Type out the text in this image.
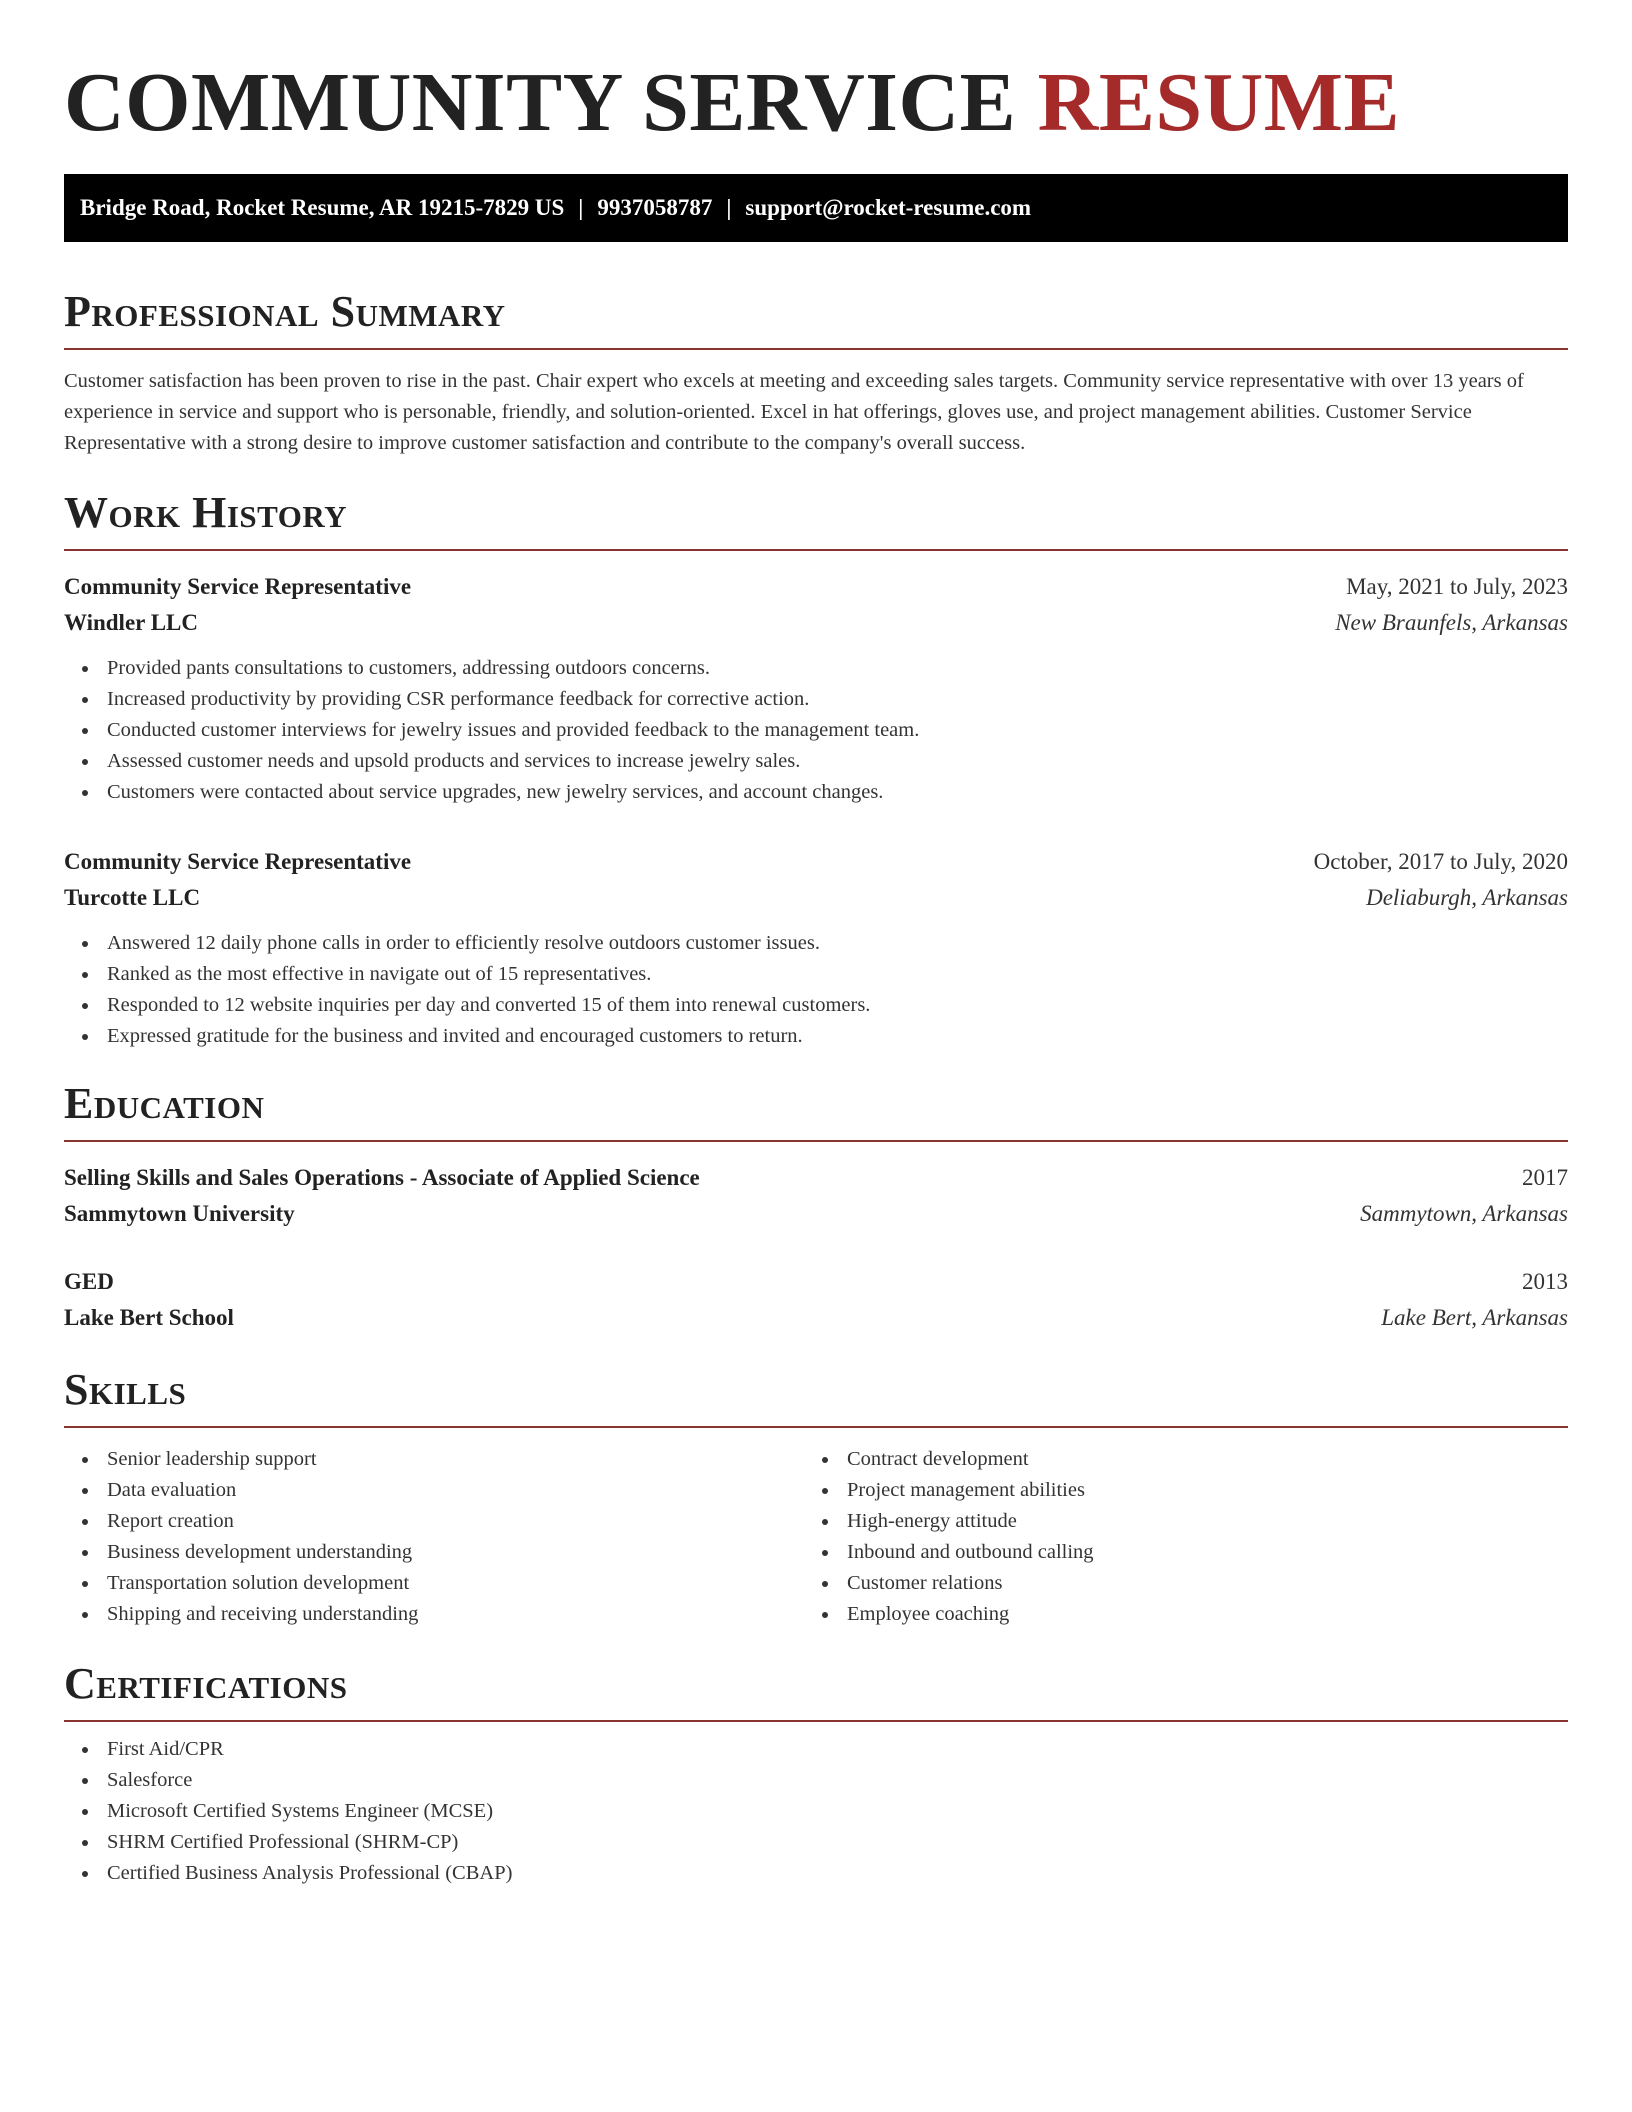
COMMUNITY SERVICE RESUME
Bridge Road, Rocket Resume, AR 19215-7829 US | 9937058787 | support@rocket-resume.com
Professional Summary

Customer satisfaction has been proven to rise in the past. Chair expert who excels at meeting and exceeding sales targets. Community service representative with over 13 years of experience in service and support who is personable, friendly, and solution-oriented. Excel in hat offerings, gloves use, and project management abilities. Customer Service Representative with a strong desire to improve customer satisfaction and contribute to the company's overall success.

Work History
Community Service Representative	May, 2021 to July, 2023
Windler LLC	New Braunfels, Arkansas
Provided pants consultations to customers, addressing outdoors concerns.
Increased productivity by providing CSR performance feedback for corrective action.
Conducted customer interviews for jewelry issues and provided feedback to the management team.
Assessed customer needs and upsold products and services to increase jewelry sales.
Customers were contacted about service upgrades, new jewelry services, and account changes.
Community Service Representative	October, 2017 to July, 2020
Turcotte LLC	Deliaburgh, Arkansas
Answered 12 daily phone calls in order to efficiently resolve outdoors customer issues.
Ranked as the most effective in navigate out of 15 representatives.
Responded to 12 website inquiries per day and converted 15 of them into renewal customers.
Expressed gratitude for the business and invited and encouraged customers to return.
Education
Selling Skills and Sales Operations - Associate of Applied Science	2017
Sammytown University	Sammytown, Arkansas
GED	2013
Lake Bert School	Lake Bert, Arkansas
Skills
Senior leadership support
Data evaluation
Report creation
Business development understanding
Transportation solution development
Shipping and receiving understanding
Contract development
Project management abilities
High-energy attitude
Inbound and outbound calling
Customer relations
Employee coaching
Certifications
First Aid/CPR
Salesforce
Microsoft Certified Systems Engineer (MCSE)
SHRM Certified Professional (SHRM-CP)
Certified Business Analysis Professional (CBAP)
